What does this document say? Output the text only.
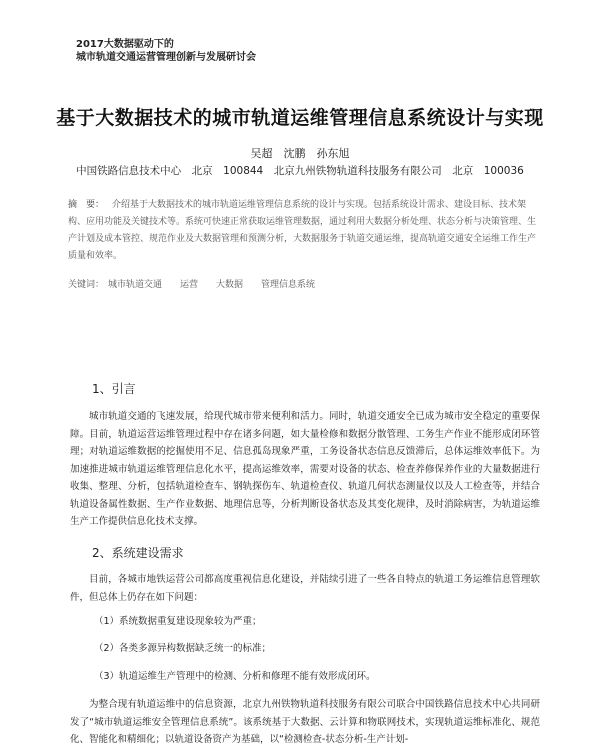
2017大数据驱动下的
城市轨道交通运营管理创新与发展研讨会
基于大数据技术的城市轨道运维管理信息系统设计与实现
吴超　沈鹏　孙东旭
中国铁路信息技术中心　北京　100844　北京九州铁物轨道科技服务有限公司　北京　100036
摘　要： 介绍基于大数据技术的城市轨道运维管理信息系统的设计与实现。包括系统设计需求、建设目标、技术架构、应用功能及关键技术等。系统可快速正常获取运维管理数据，通过利用大数据分析处理、状态分析与决策管理、生产计划及成本管控、规范作业及大数据管理和预测分析，大数据服务于轨道交通运维，提高轨道交通安全运维工作生产质量和效率。
关键词： 城市轨道交通　　运营　　大数据　　管理信息系统
1、引言
城市轨道交通的飞速发展，给现代城市带来便利和活力。同时，轨道交通安全已成为城市安全稳定的重要保障。目前，轨道运营运维管理过程中存在诸多问题，如大量检修和数据分散管理、工务生产作业不能形成闭环管理；对轨道运维数据的挖掘使用不足、信息孤岛现象严重，工务设备状态信息反馈滞后，总体运维效率低下。为加速推进城市轨道运维管理信息化水平，提高运维效率，需要对设备的状态、检查养修保养作业的大量数据进行收集、整理、分析，包括轨道检查车、钢轨探伤车、轨道检查仪、轨道几何状态测量仪以及人工检查等，并结合轨道设备属性数据、生产作业数据、地理信息等，分析判断设备状态及其变化规律，及时消除病害，为轨道运维生产工作提供信息化技术支撑。
2、系统建设需求
目前，各城市地铁运营公司都高度重视信息化建设，并陆续引进了一些各自特点的轨道工务运维信息管理软件，但总体上仍存在如下问题：
（1）系统数据重复建设现象较为严重；
（2）各类多源异构数据缺乏统一的标准；
（3）轨道运维生产管理中的检测、分析和修理不能有效形成闭环。
为整合现有轨道运维中的信息资源，北京九州铁物轨道科技服务有限公司联合中国铁路信息技术中心共同研发了“城市轨道运维安全管理信息系统”。该系统基于大数据、云计算和物联网技术，实现轨道运维标准化、规范化、智能化和精细化；以轨道设备资产为基础，以“检测检查-状态分析-生产计划-
